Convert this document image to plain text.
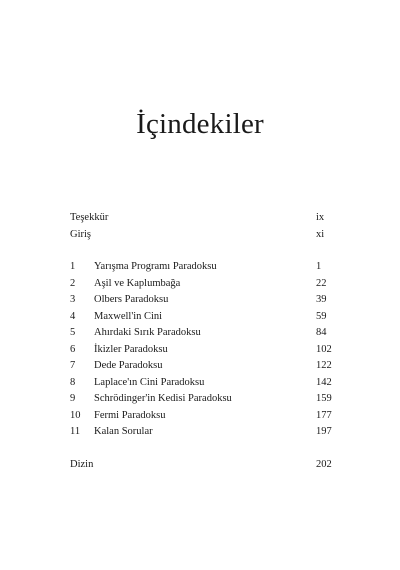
İçindekiler
Teşekkür	ix
Giriş	xi
1 Yarışma Programı Paradoksu	1
2 Aşil ve Kaplumbağa	22
3 Olbers Paradoksu	39
4 Maxwell'in Cini	59
5 Ahırdaki Sırık Paradoksu	84
6 İkizler Paradoksu	102
7 Dede Paradoksu	122
8 Laplace'ın Cini Paradoksu	142
9 Schrödinger'in Kedisi Paradoksu	159
10 Fermi Paradoksu	177
11 Kalan Sorular	197
Dizin	202
